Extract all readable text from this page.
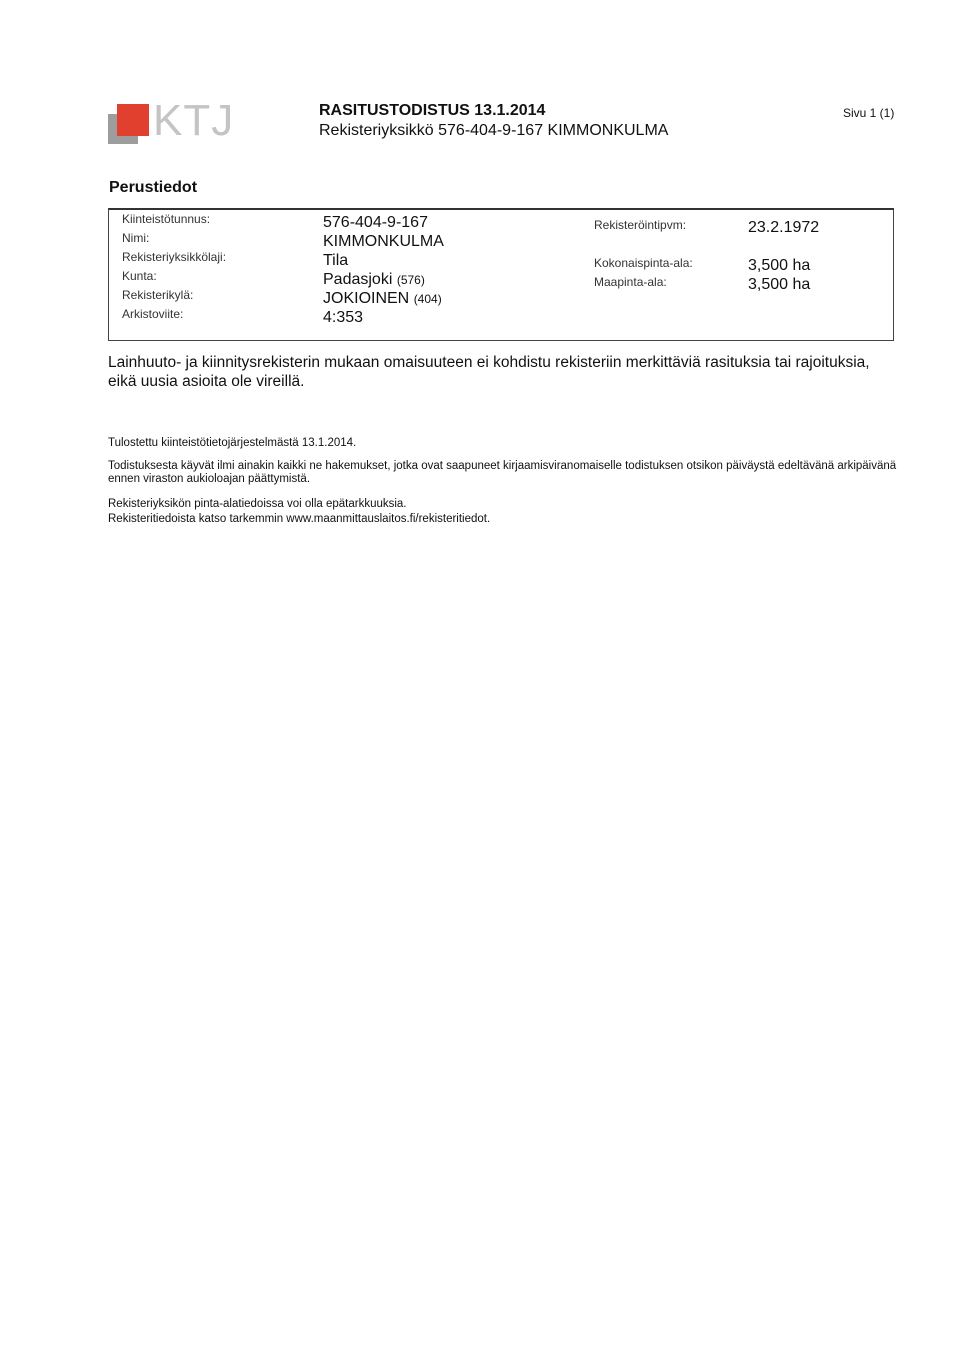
KTJ	RASITUSTODISTUS 13.1.2014
Rekisteriyksikkö 576-404-9-167 KIMMONKULMA
Sivu 1 (1)
Perustiedot
Kiinteistötunnus:
Nimi:
Rekisteriyksikkölaji:
Kunta:
Rekisterikylä:
Arkistoviite:
576-404-9-167
KIMMONKULMA
Tila
Padasjoki (576)
JOKIOINEN (404)
4:353
Rekisteröintipvm:
Kokonaispinta-ala:
Maapinta-ala:
23.2.1972
3,500 ha
3,500 ha
Lainhuuto- ja kiinnitysrekisterin mukaan omaisuuteen ei kohdistu rekisteriin merkittäviä rasituksia tai rajoituksia, eikä uusia asioita ole vireillä.
Tulostettu kiinteistötietojärjestelmästä 13.1.2014.
Todistuksesta käyvät ilmi ainakin kaikki ne hakemukset, jotka ovat saapuneet kirjaamisviranomaiselle todistuksen otsikon päiväystä edeltävänä arkipäivänä ennen viraston aukioloajan päättymistä.
Rekisteriyksikön pinta-alatiedoissa voi olla epätarkkuuksia.
Rekisteritiedoista katso tarkemmin www.maanmittauslaitos.fi/rekisteritiedot.
